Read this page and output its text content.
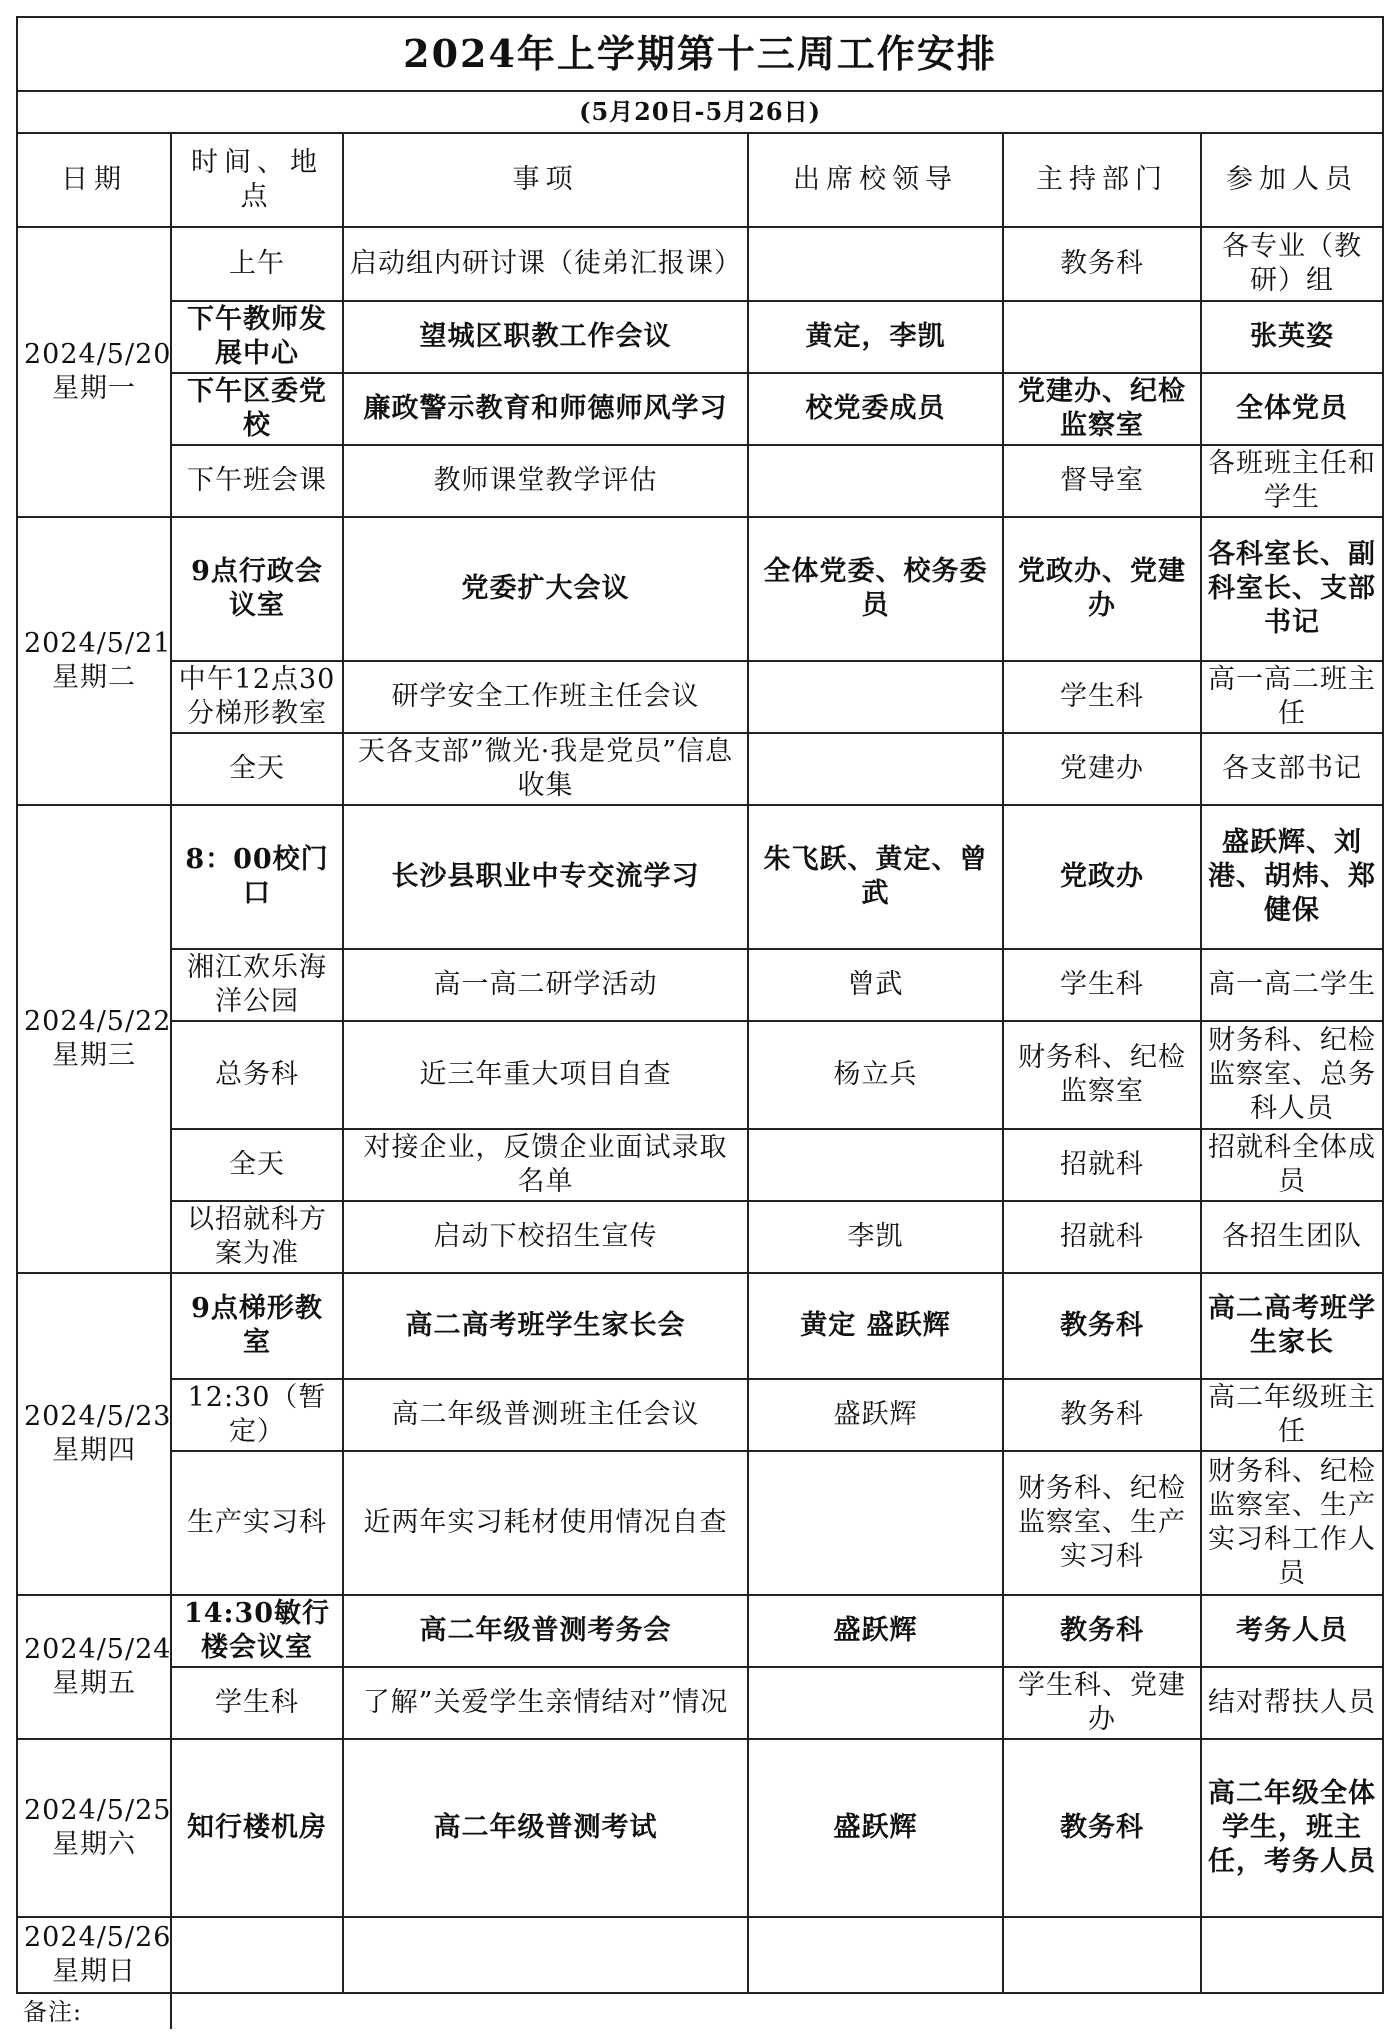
2024年上学期第十三周工作安排					
(5月20日-5月26日)					
日期	时间、地点	事项	出席校领导	主持部门	参加人员

2024/5/20
星期一	上午	启动组内研讨课（徒弟汇报课）		教务科	各专业（教研）组
	下午教师发展中心	望城区职教工作会议	黄定，李凯		张英姿
	下午区委党校	廉政警示教育和师德师风学习	校党委成员	党建办、纪检监察室	全体党员
	下午班会课	教师课堂教学评估		督导室	各班班主任和学生

2024/5/21
星期二	9点行政会议室	党委扩大会议	全体党委、校务委员	党政办、党建办	各科室长、副科室长、支部书记
	中午12点30分梯形教室	研学安全工作班主任会议		学生科	高一高二班主任
	全天	天各支部”微光·我是党员”信息收集		党建办	各支部书记

2024/5/22
星期三	8：00校门口	长沙县职业中专交流学习	朱飞跃、黄定、曾武	党政办	盛跃辉、刘港、胡炜、郑健保
	湘江欢乐海洋公园	高一高二研学活动	曾武	学生科	高一高二学生
	总务科	近三年重大项目自查	杨立兵	财务科、纪检监察室	财务科、纪检监察室、总务科人员
	全天	对接企业，反馈企业面试录取名单		招就科	招就科全体成员
	以招就科方案为准	启动下校招生宣传	李凯	招就科	各招生团队

2024/5/23
星期四	9点梯形教室	高二高考班学生家长会	黄定 盛跃辉	教务科	高二高考班学生家长
	12:30（暂定）	高二年级普测班主任会议	盛跃辉	教务科	高二年级班主任
	生产实习科	近两年实习耗材使用情况自查		财务科、纪检监察室、生产实习科	财务科、纪检监察室、生产实习科工作人员

2024/5/24
星期五	14:30敏行楼会议室	高二年级普测考务会	盛跃辉	教务科	考务人员
	学生科	了解”关爱学生亲情结对”情况		学生科、党建办	结对帮扶人员

2024/5/25
星期六	知行楼机房	高二年级普测考试	盛跃辉	教务科	高二年级全体学生，班主任，考务人员

2024/5/26
星期日					

备注:					
